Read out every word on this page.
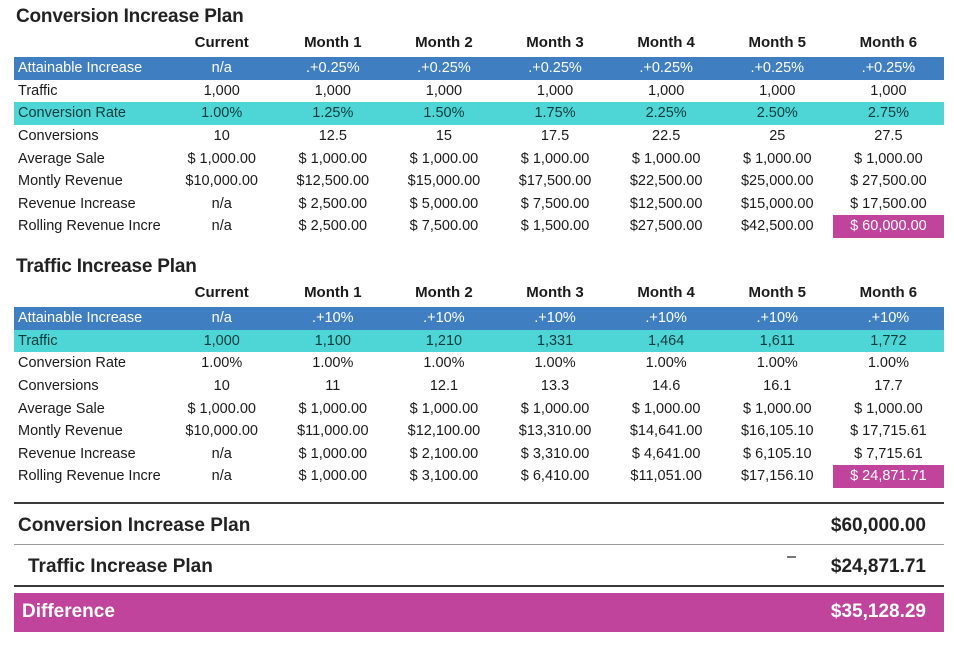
Conversion Increase Plan
	Current	Month 1	Month 2	Month 3	Month 4	Month 5	Month 6
Attainable Increase	n/a	.+0.25%	.+0.25%	.+0.25%	.+0.25%	.+0.25%	.+0.25%
Traffic	1,000	1,000	1,000	1,000	1,000	1,000	1,000
Conversion Rate	1.00%	1.25%	1.50%	1.75%	2.25%	2.50%	2.75%
Conversions	10	12.5	15	17.5	22.5	25	27.5
Average Sale	$ 1,000.00	$ 1,000.00	$ 1,000.00	$ 1,000.00	$ 1,000.00	$ 1,000.00	$ 1,000.00
Montly Revenue	$10,000.00	$12,500.00	$15,000.00	$17,500.00	$22,500.00	$25,000.00	$ 27,500.00
Revenue Increase	n/a	$ 2,500.00	$ 5,000.00	$ 7,500.00	$12,500.00	$15,000.00	$ 17,500.00
Rolling Revenue Incre	n/a	$ 2,500.00	$ 7,500.00	$ 1,500.00	$27,500.00	$42,500.00	$ 60,000.00
Traffic Increase Plan
	Current	Month 1	Month 2	Month 3	Month 4	Month 5	Month 6
Attainable Increase	n/a	.+10%	.+10%	.+10%	.+10%	.+10%	.+10%
Traffic	1,000	1,100	1,210	1,331	1,464	1,611	1,772
Conversion Rate	1.00%	1.00%	1.00%	1.00%	1.00%	1.00%	1.00%
Conversions	10	11	12.1	13.3	14.6	16.1	17.7
Average Sale	$ 1,000.00	$ 1,000.00	$ 1,000.00	$ 1,000.00	$ 1,000.00	$ 1,000.00	$ 1,000.00
Montly Revenue	$10,000.00	$11,000.00	$12,100.00	$13,310.00	$14,641.00	$16,105.10	$ 17,715.61
Revenue Increase	n/a	$ 1,000.00	$ 2,100.00	$ 3,310.00	$ 4,641.00	$ 6,105.10	$ 7,715.61
Rolling Revenue Incre	n/a	$ 1,000.00	$ 3,100.00	$ 6,410.00	$11,051.00	$17,156.10	$ 24,871.71
Conversion Increase Plan	$60,000.00
Traffic Increase Plan	$24,871.71
Difference	$35,128.29
